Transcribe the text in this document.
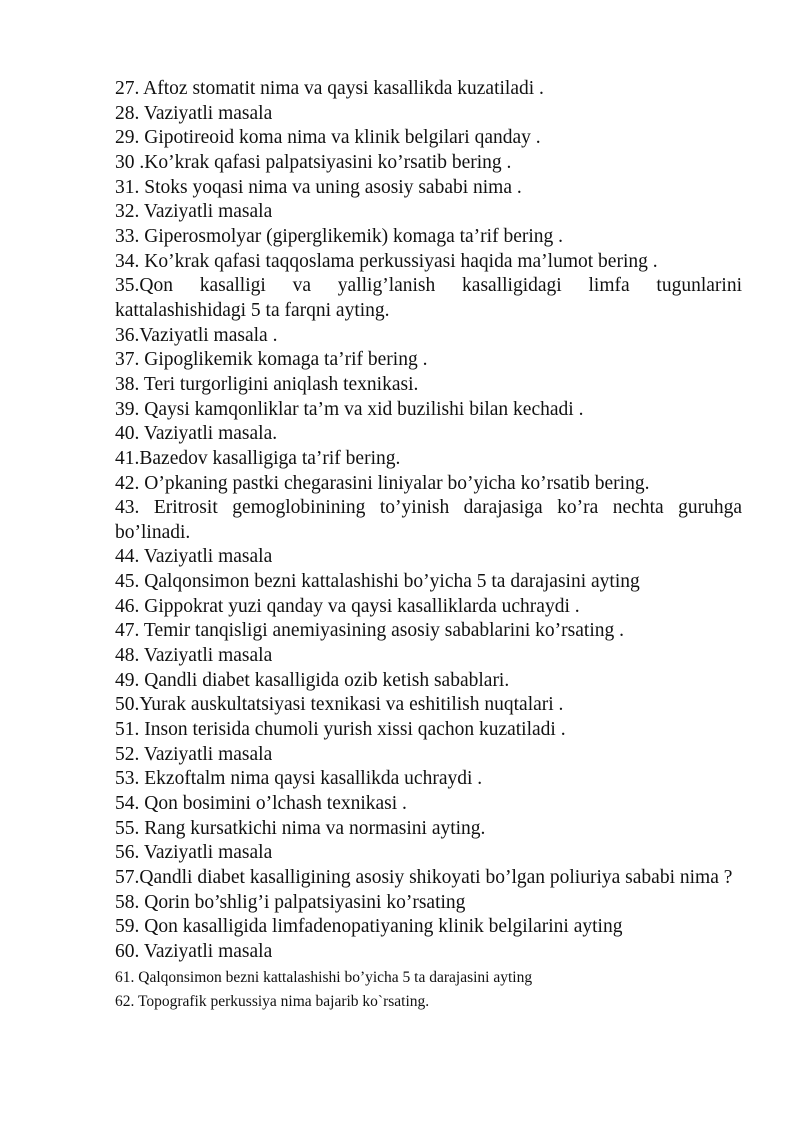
27. Aftoz stomatit nima va qaysi kasallikda kuzatiladi .
28. Vaziyatli masala
29. Gipotireoid koma nima va klinik belgilari qanday .
30 .Ko’krak qafasi palpatsiyasini ko’rsatib bering .
31. Stoks yoqasi nima va uning asosiy sababi nima .
32. Vaziyatli masala
33. Giperosmolyar (giperglikemik) komaga ta’rif bering .
34. Ko’krak qafasi taqqoslama perkussiyasi haqida ma’lumot bering .
35.Qon kasalligi va yallig’lanish kasalligidagi limfa tugunlarini kattalashishidagi 5 ta farqni ayting.
36.Vaziyatli masala .
37. Gipoglikemik komaga ta’rif bering .
38. Teri turgorligini aniqlash texnikasi.
39. Qaysi kamqonliklar ta’m va xid buzilishi bilan kechadi .
40. Vaziyatli masala.
41.Bazedov kasalligiga ta’rif bering.
42. O’pkaning pastki chegarasini liniyalar bo’yicha ko’rsatib bering.
43. Eritrosit gemoglobinining to’yinish darajasiga ko’ra nechta guruhga bo’linadi.
44. Vaziyatli masala
45. Qalqonsimon bezni kattalashishi bo’yicha 5 ta darajasini ayting
46. Gippokrat yuzi qanday va qaysi kasalliklarda uchraydi .
47. Temir tanqisligi anemiyasining asosiy sabablarini ko’rsating .
48. Vaziyatli masala
49. Qandli diabet kasalligida ozib ketish sabablari.
50.Yurak auskultatsiyasi texnikasi va eshitilish nuqtalari .
51. Inson terisida chumoli yurish xissi qachon kuzatiladi .
52. Vaziyatli masala
53. Ekzoftalm nima qaysi kasallikda uchraydi .
54. Qon bosimini o’lchash texnikasi .
55. Rang kursatkichi nima va normasini ayting.
56. Vaziyatli masala
57.Qandli diabet kasalligining asosiy shikoyati bo’lgan poliuriya sababi nima ?
58. Qorin bo’shlig’i palpatsiyasini ko’rsating
59. Qon kasalligida limfadenopatiyaning klinik belgilarini ayting
60. Vaziyatli masala
61. Qalqonsimon bezni kattalashishi bo’yicha 5 ta darajasini ayting
62. Topografik perkussiya nima bajarib ko`rsating.
